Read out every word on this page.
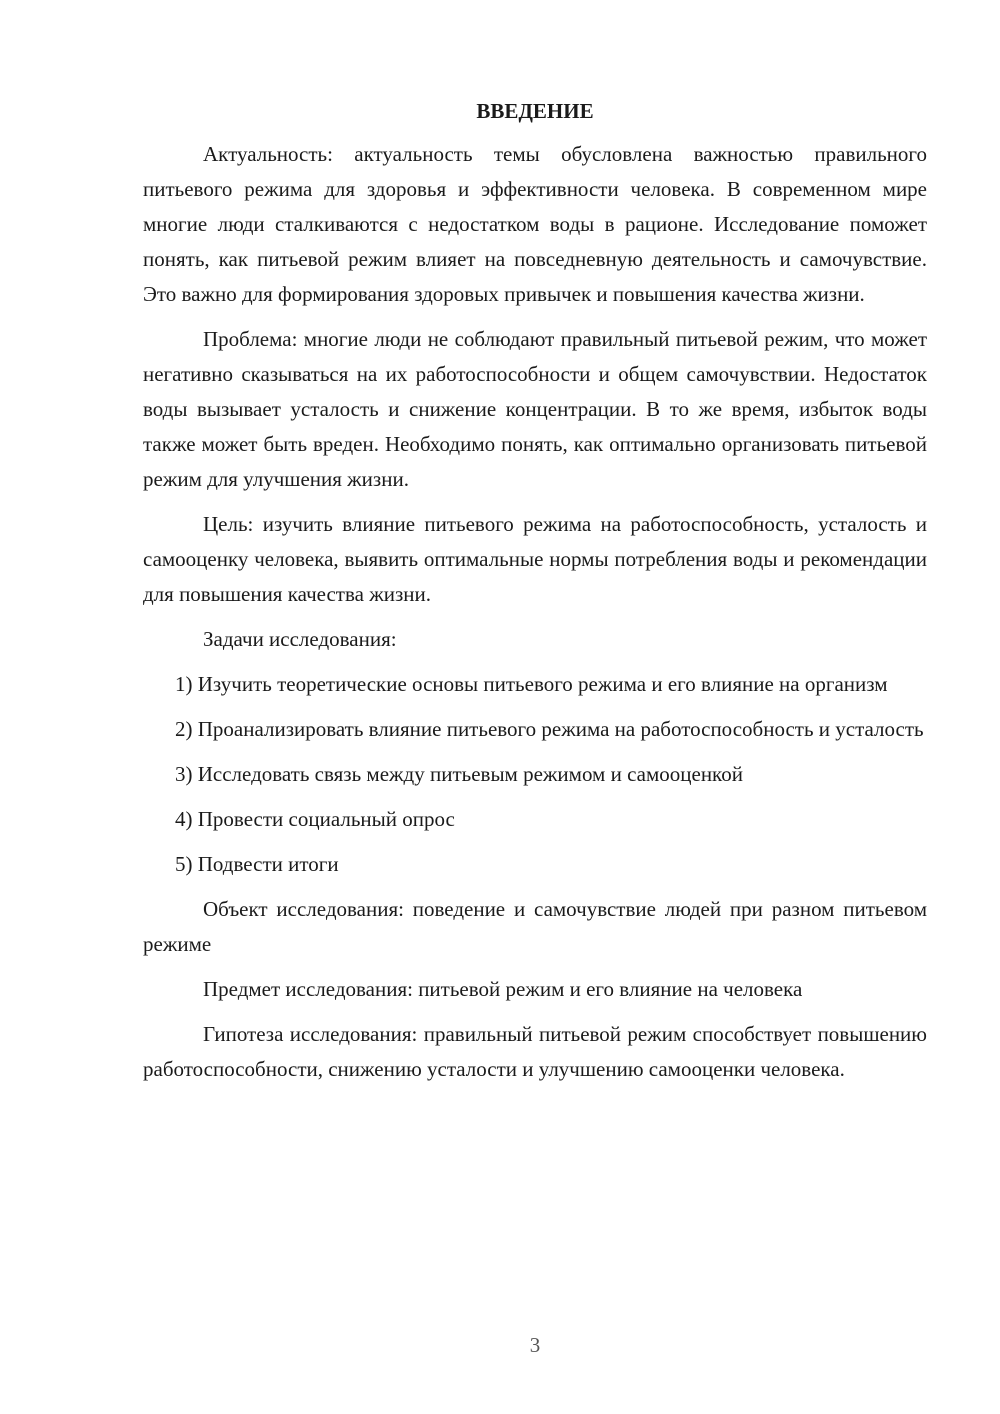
ВВЕДЕНИЕ

Актуальность: актуальность темы обусловлена важностью правильного питьевого режима для здоровья и эффективности человека. В современном мире многие люди сталкиваются с недостатком воды в рационе. Исследование поможет понять, как питьевой режим влияет на повседневную деятельность и самочувствие. Это важно для формирования здоровых привычек и повышения качества жизни.

Проблема: многие люди не соблюдают правильный питьевой режим, что может негативно сказываться на их работоспособности и общем самочувствии. Недостаток воды вызывает усталость и снижение концентрации. В то же время, избыток воды также может быть вреден. Необходимо понять, как оптимально организовать питьевой режим для улучшения жизни.

Цель: изучить влияние питьевого режима на работоспособность, усталость и самооценку человека, выявить оптимальные нормы потребления воды и рекомендации для повышения качества жизни.

Задачи исследования:

1) Изучить теоретические основы питьевого режима и его влияние на организм

2) Проанализировать влияние питьевого режима на работоспособность и усталость

3) Исследовать связь между питьевым режимом и самооценкой

4) Провести социальный опрос

5) Подвести итоги

Объект исследования: поведение и самочувствие людей при разном питьевом режиме

Предмет исследования: питьевой режим и его влияние на человека

Гипотеза исследования: правильный питьевой режим способствует повышению работоспособности, снижению усталости и улучшению самооценки человека.

3
